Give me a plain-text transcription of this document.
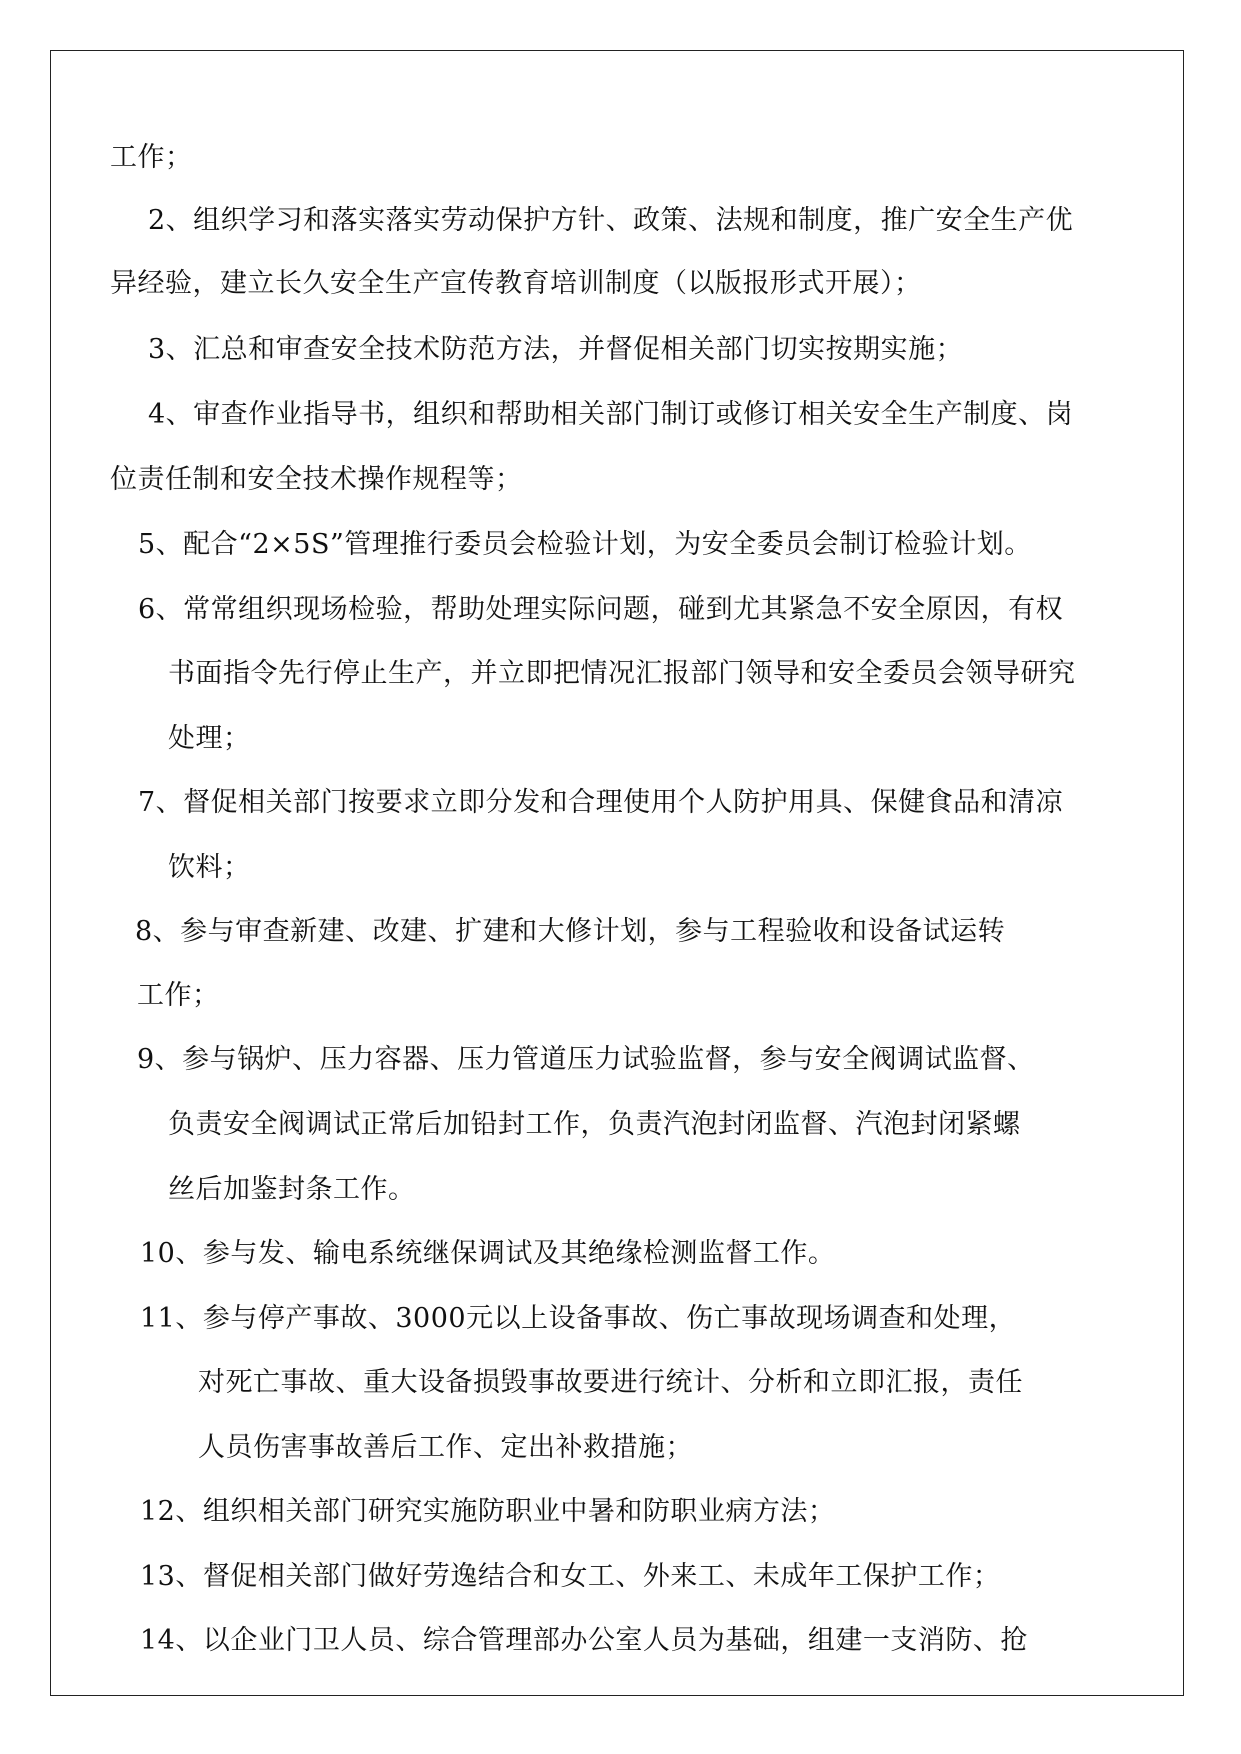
工作；
2、组织学习和落实落实劳动保护方针、政策、法规和制度，推广安全生产优
异经验，建立长久安全生产宣传教育培训制度（以版报形式开展）；
3、汇总和审查安全技术防范方法，并督促相关部门切实按期实施；
4、审查作业指导书，组织和帮助相关部门制订或修订相关安全生产制度、岗
位责任制和安全技术操作规程等；
5、配合“2×5S”管理推行委员会检验计划，为安全委员会制订检验计划。
6、常常组织现场检验，帮助处理实际问题，碰到尤其紧急不安全原因，有权
书面指令先行停止生产，并立即把情况汇报部门领导和安全委员会领导研究
处理；
7、督促相关部门按要求立即分发和合理使用个人防护用具、保健食品和清凉
饮料；
8、参与审查新建、改建、扩建和大修计划，参与工程验收和设备试运转
工作；
9、参与锅炉、压力容器、压力管道压力试验监督，参与安全阀调试监督、
负责安全阀调试正常后加铅封工作，负责汽泡封闭监督、汽泡封闭紧螺
丝后加鉴封条工作。
10、参与发、输电系统继保调试及其绝缘检测监督工作。
11、参与停产事故、3000元以上设备事故、伤亡事故现场调查和处理，
对死亡事故、重大设备损毁事故要进行统计、分析和立即汇报，责任
人员伤害事故善后工作、定出补救措施；
12、组织相关部门研究实施防职业中暑和防职业病方法；
13、督促相关部门做好劳逸结合和女工、外来工、未成年工保护工作；
14、以企业门卫人员、综合管理部办公室人员为基础，组建一支消防、抢
